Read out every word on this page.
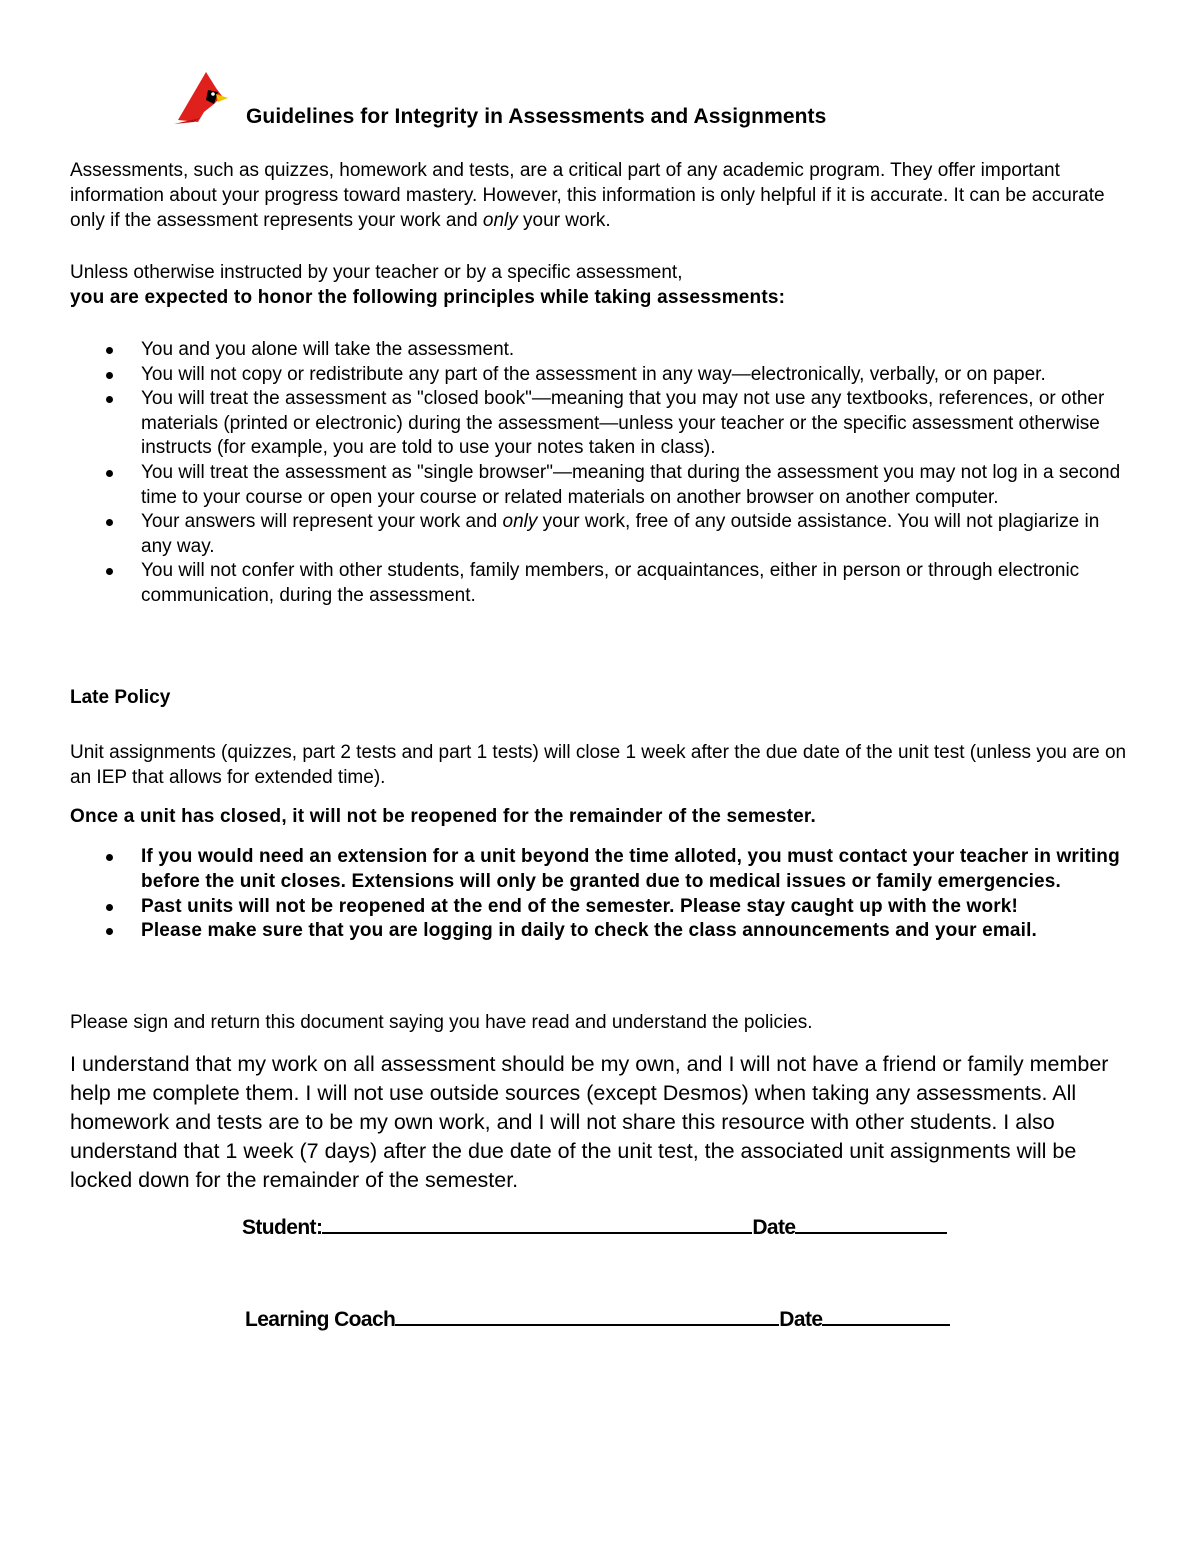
Guidelines for Integrity in Assessments and Assignments

Assessments, such as quizzes, homework and tests, are a critical part of any academic program. They offer important information about your progress toward mastery. However, this information is only helpful if it is accurate. It can be accurate only if the assessment represents your work and only your work.

Unless otherwise instructed by your teacher or by a specific assessment,
you are expected to honor the following principles while taking assessments:
You and you alone will take the assessment.
You will not copy or redistribute any part of the assessment in any way—electronically, verbally, or on paper.
You will treat the assessment as "closed book"—meaning that you may not use any textbooks, references, or other materials (printed or electronic) during the assessment—unless your teacher or the specific assessment otherwise instructs (for example, you are told to use your notes taken in class).
You will treat the assessment as "single browser"—meaning that during the assessment you may not log in a second time to your course or open your course or related materials on another browser on another computer.
Your answers will represent your work and only your work, free of any outside assistance. You will not plagiarize in any way.
You will not confer with other students, family members, or acquaintances, either in person or through electronic communication, during the assessment.
Late Policy

Unit assignments (quizzes, part 2 tests and part 1 tests) will close 1 week after the due date of the unit test (unless you are on an IEP that allows for extended time).

Once a unit has closed, it will not be reopened for the remainder of the semester.
If you would need an extension for a unit beyond the time alloted, you must contact your teacher in writing before the unit closes. Extensions will only be granted due to medical issues or family emergencies.
Past units will not be reopened at the end of the semester. Please stay caught up with the work!
Please make sure that you are logging in daily to check the class announcements and your email.
Please sign and return this document saying you have read and understand the policies.

I understand that my work on all assessment should be my own, and I will not have a friend or family member help me complete them. I will not use outside sources (except Desmos) when taking any assessments. All homework and tests are to be my own work, and I will not share this resource with other students. I also understand that 1 week (7 days) after the due date of the unit test, the associated unit assignments will be locked down for the remainder of the semester.

Student:	Date
Learning Coach	Date
